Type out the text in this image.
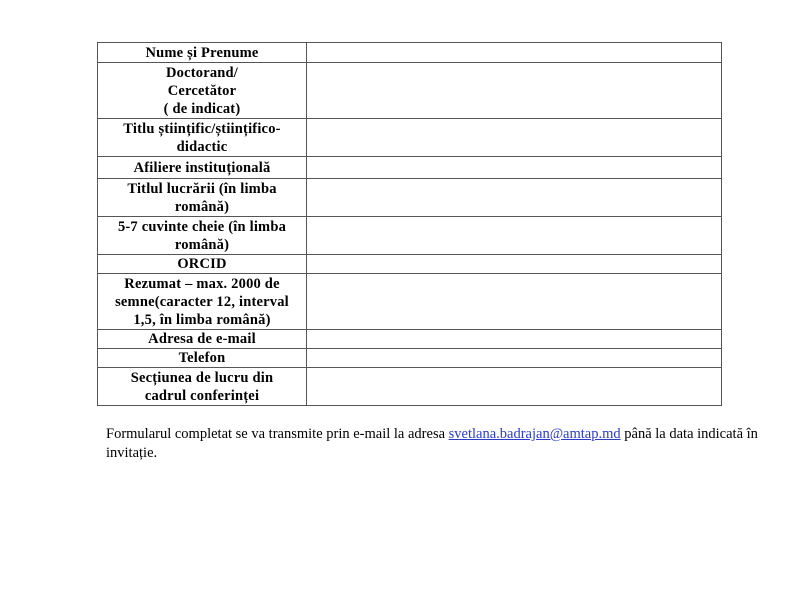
Nume și Prenume	

Doctorand/
Cercetător
( de indicat)	

Titlu științific/științifico-
didactic	

Afiliere instituțională	

Titlul lucrării (în limba
română)	

5-7 cuvinte cheie (în limba
română)	

ORCID	

Rezumat – max. 2000 de
semne(caracter 12, interval
1,5, în limba română)	

Adresa de e-mail	

Telefon	

Secțiunea de lucru din
cadrul conferinței	

Formularul completat se va transmite prin e-mail la adresa svetlana.badrajan@amtap.md până la data indicată în invitație.
